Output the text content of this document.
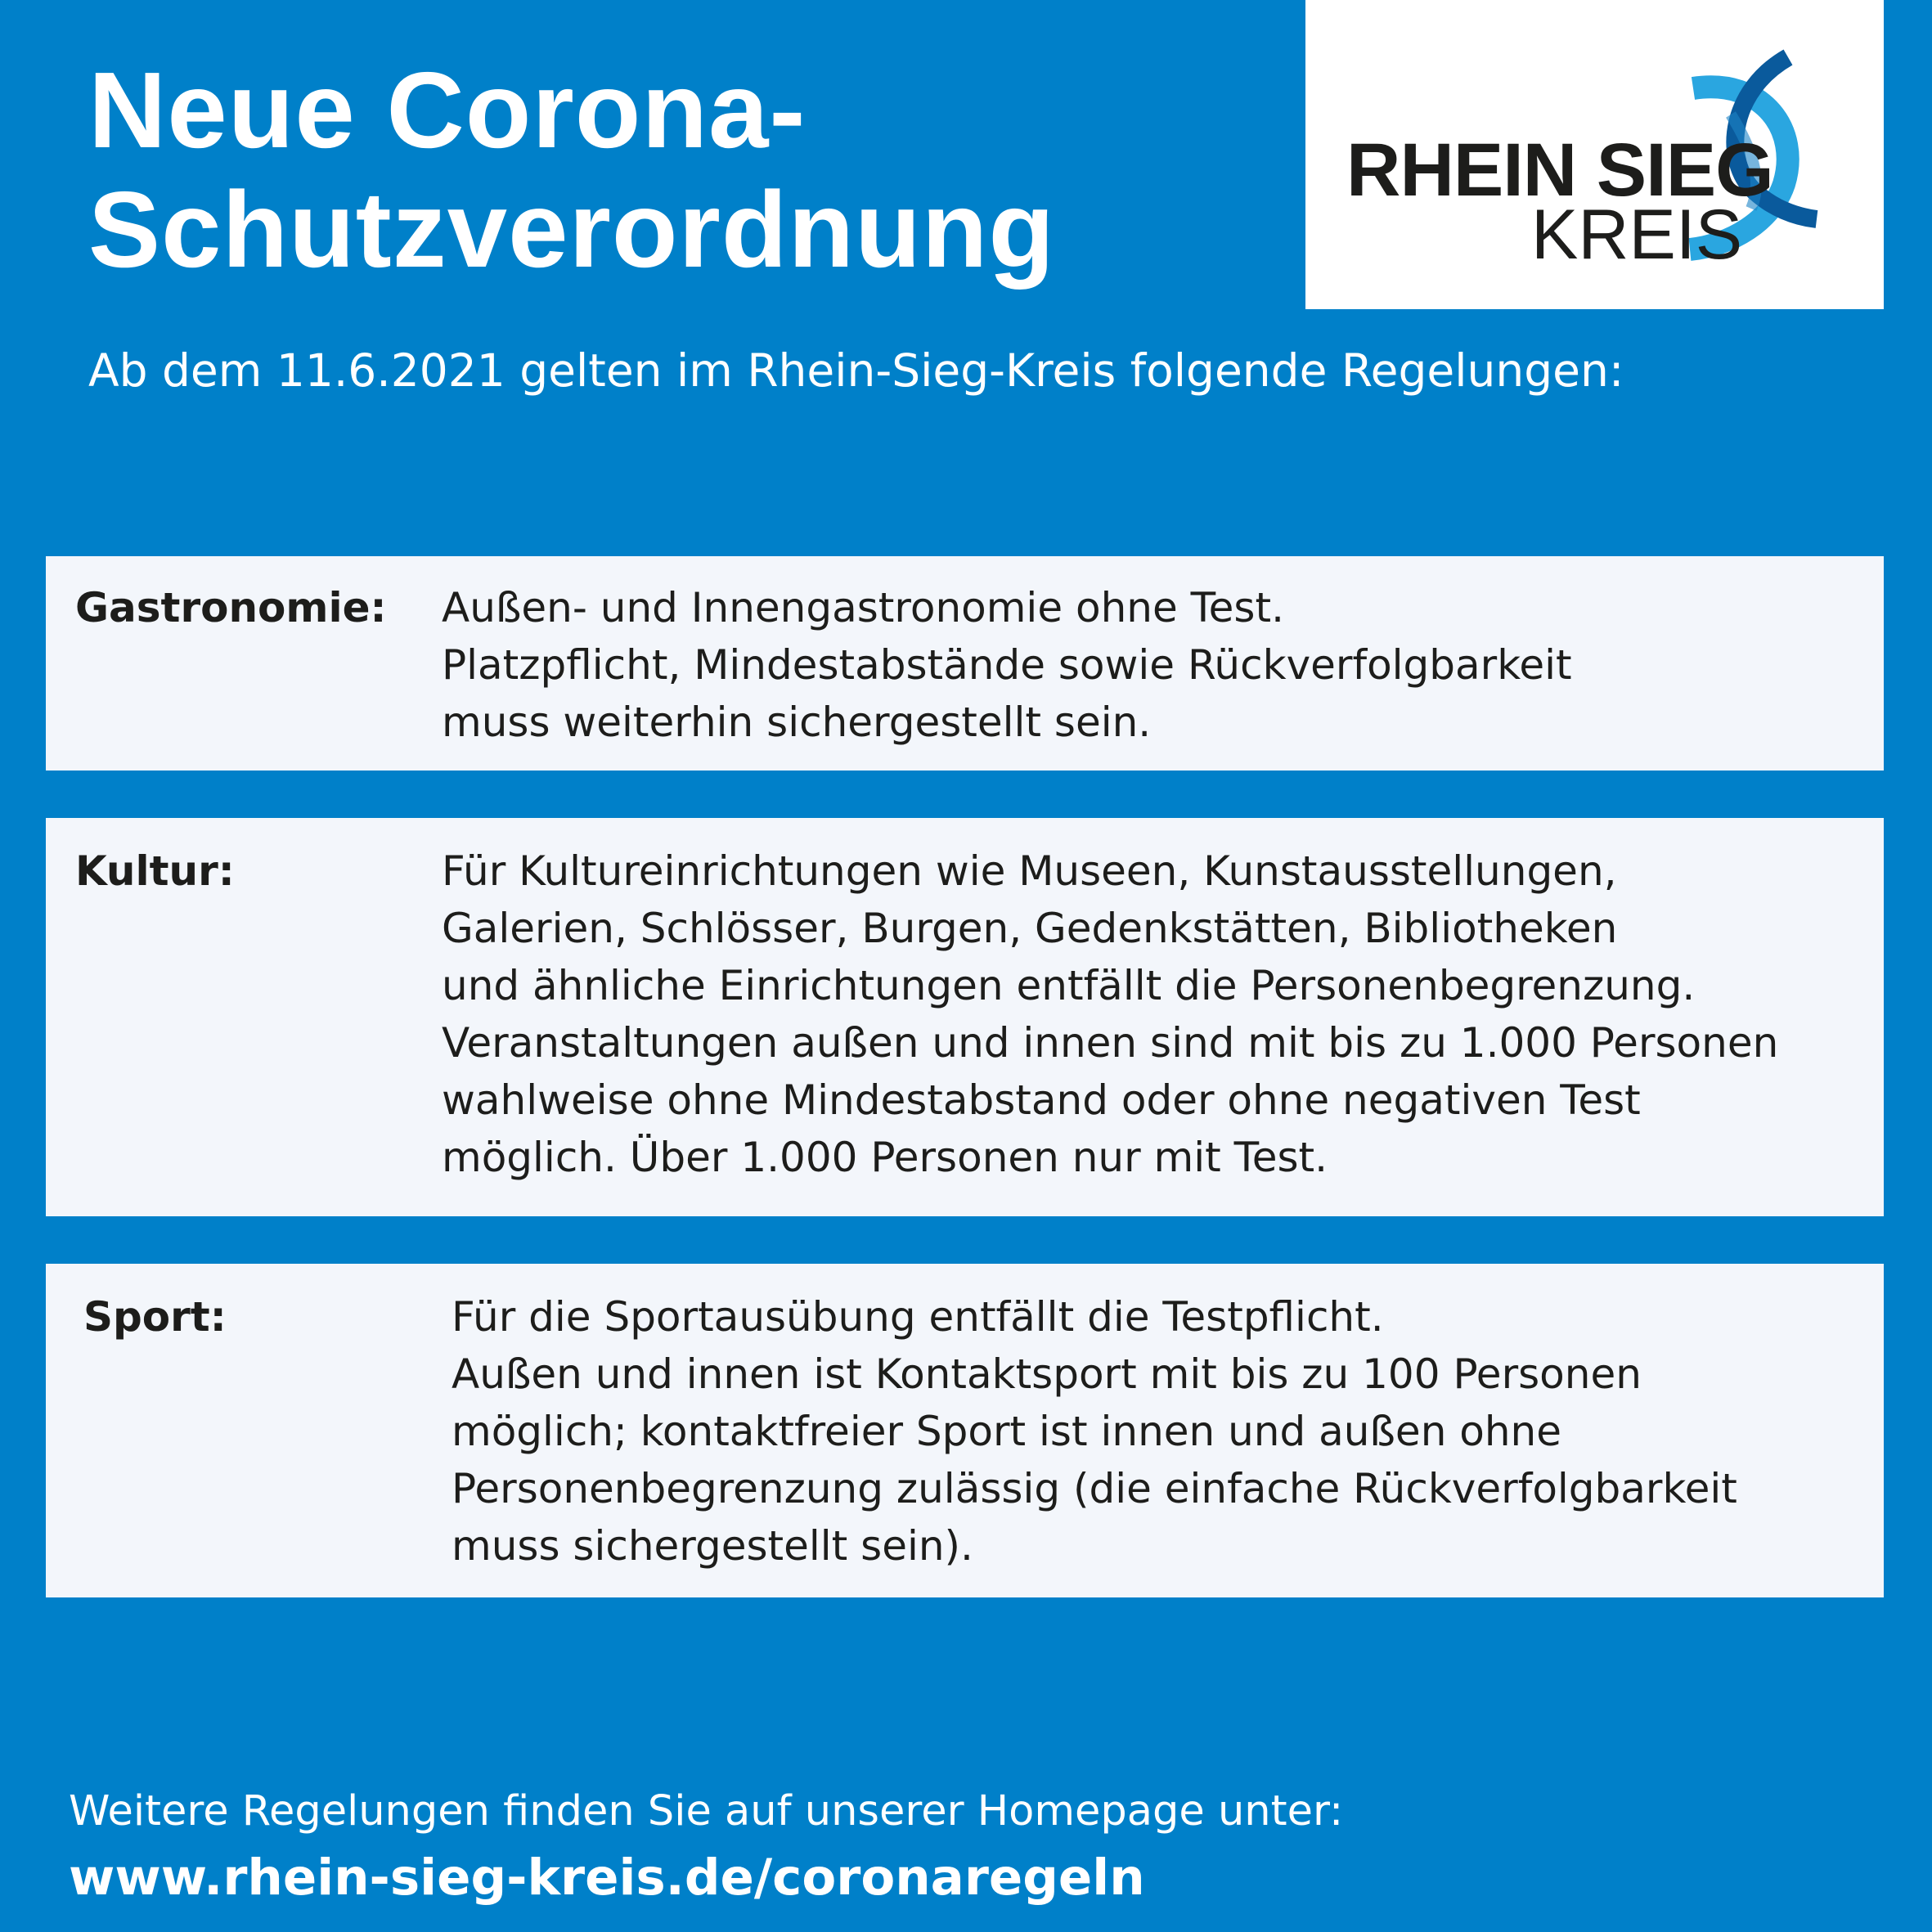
Neue Corona-
Schutzverordnung

Ab dem 11.6.2021 gelten im Rhein-Sieg-Kreis folgende Regelungen:

RHEIN SIEG
KREIS
Gastronomie: Außen- und Innengastronomie ohne Test.
Platzpflicht, Mindestabstände sowie Rückverfolgbarkeit
muss weiterhin sichergestellt sein.
Kultur:	Für Kultureinrichtungen wie Museen, Kunstausstellungen,
Galerien, Schlösser, Burgen, Gedenkstätten, Bibliotheken
und ähnliche Einrichtungen entfällt die Personenbegrenzung.
Veranstaltungen außen und innen sind mit bis zu 1.000 Personen
wahlweise ohne Mindestabstand oder ohne negativen Test
möglich. Über 1.000 Personen nur mit Test.
Sport:	Für die Sportausübung entfällt die Testpflicht.
Außen und innen ist Kontaktsport mit bis zu 100 Personen
möglich; kontaktfreier Sport ist innen und außen ohne
Personenbegrenzung zulässig (die einfache Rückverfolgbarkeit
muss sichergestellt sein).

Weitere Regelungen finden Sie auf unserer Homepage unter:

www.rhein-sieg-kreis.de/coronaregeln
